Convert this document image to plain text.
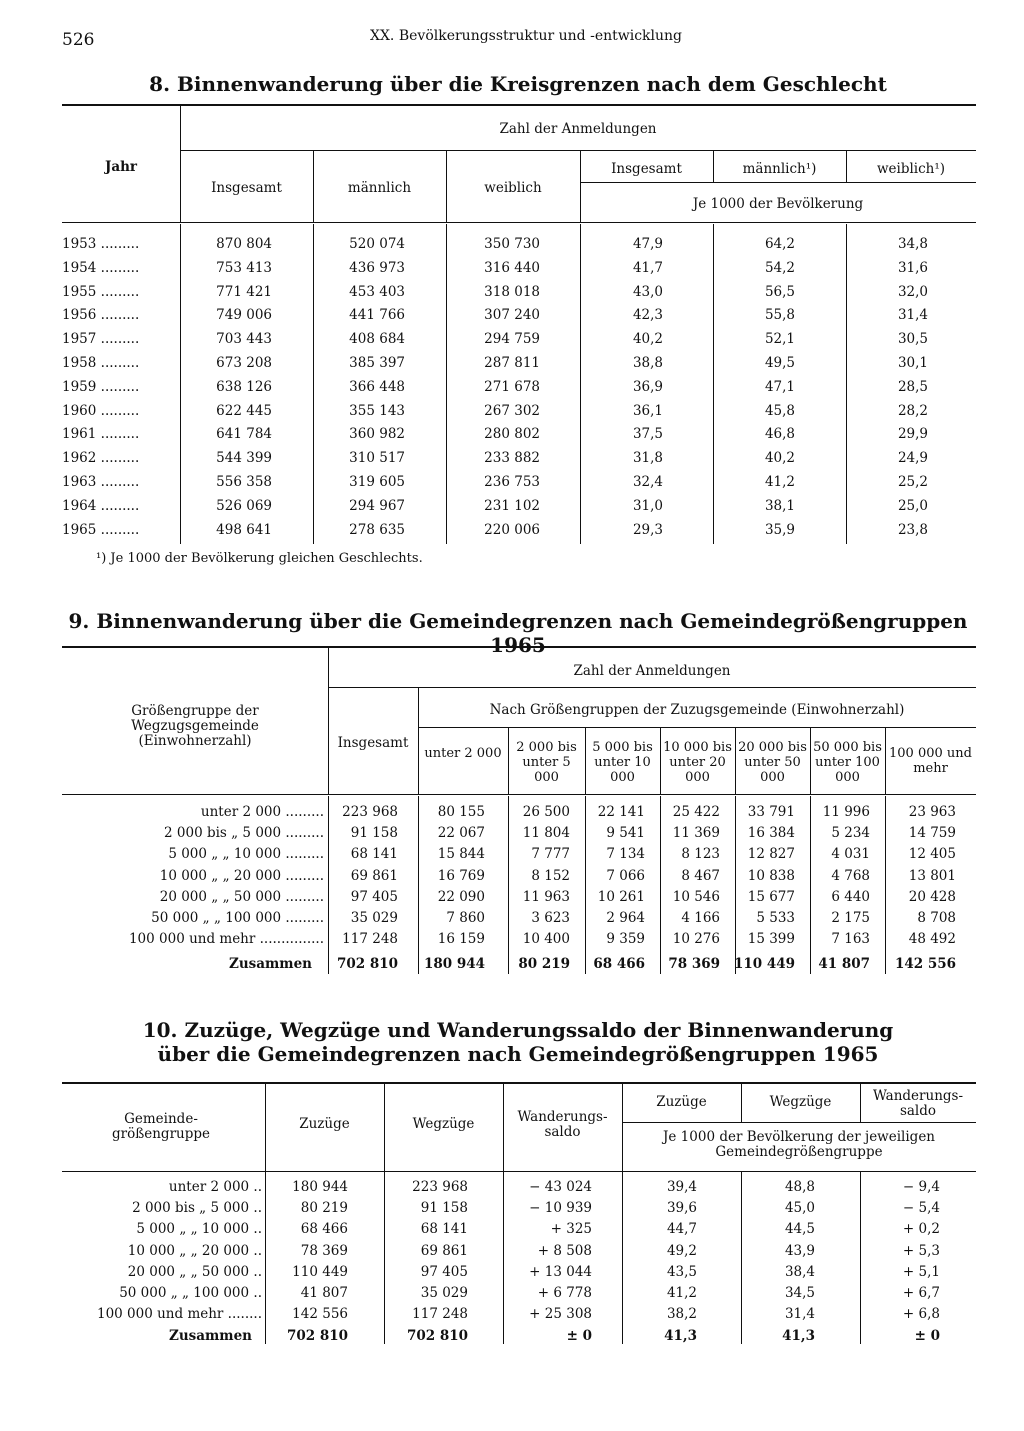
526	XX. Bevölkerungsstruktur und -entwicklung
8. Binnenwanderung über die Kreisgrenzen nach dem Geschlecht
Jahr
Zahl der Anmeldungen
Insgesamt	männlich	weiblich
Insgesamt	männlich¹)	weiblich¹)
Je 1000 der Bevölkerung
1953 .........	870 804	520 074	350 730	47,9	64,2	34,8
1954 .........	753 413	436 973	316 440	41,7	54,2	31,6
1955 .........	771 421	453 403	318 018	43,0	56,5	32,0
1956 .........	749 006	441 766	307 240	42,3	55,8	31,4
1957 .........	703 443	408 684	294 759	40,2	52,1	30,5
1958 .........	673 208	385 397	287 811	38,8	49,5	30,1
1959 .........	638 126	366 448	271 678	36,9	47,1	28,5
1960 .........	622 445	355 143	267 302	36,1	45,8	28,2
1961 .........	641 784	360 982	280 802	37,5	46,8	29,9
1962 .........	544 399	310 517	233 882	31,8	40,2	24,9
1963 .........	556 358	319 605	236 753	32,4	41,2	25,2
1964 .........	526 069	294 967	231 102	31,0	38,1	25,0
1965 .........	498 641	278 635	220 006	29,3	35,9	23,8
¹) Je 1000 der Bevölkerung gleichen Geschlechts.
9. Binnenwanderung über die Gemeindegrenzen nach Gemeindegrößengruppen 1965
Größengruppe der Wegzugsgemeinde (Einwohnerzahl)
Zahl der Anmeldungen
Insgesamt
Nach Größengruppen der Zuzugsgemeinde (Einwohnerzahl)
unter 2 000	2 000 bis unter 5 000
5 000 bis unter 10 000
10 000 bis unter 20 000
20 000 bis unter 50 000
50 000 bis unter 100 000
100 000 und mehr
unter 2 000 .........	223 968	80 155	26 500	22 141	25 422	33 791	11 996	23 963
2 000 bis „ 5 000 .........	91 158	22 067	11 804	9 541	11 369	16 384	5 234	14 759
5 000 „ „ 10 000 .........	68 141	15 844	7 777	7 134	8 123	12 827	4 031	12 405
10 000 „ „ 20 000 .........	69 861	16 769	8 152	7 066	8 467	10 838	4 768	13 801
20 000 „ „ 50 000 .........	97 405	22 090	11 963	10 261	10 546	15 677	6 440	20 428
50 000 „ „ 100 000 .........	35 029	7 860	3 623	2 964	4 166	5 533	2 175	8 708
100 000 und mehr ...............	117 248	16 159	10 400	9 359	10 276	15 399	7 163	48 492
Zusammen	702 810	180 944	80 219	68 466	78 369	110 449	41 807	142 556
10. Zuzüge, Wegzüge und Wanderungssaldo der Binnenwanderung
über die Gemeindegrenzen nach Gemeindegrößengruppen 1965
Gemeinde-größengruppe
Zuzüge	Wegzüge	Wanderungs-saldo
Zuzüge	Wegzüge	Wanderungs-saldo
Je 1000 der Bevölkerung der jeweiligen Gemeindegrößengruppe
unter 2 000 ..	180 944	223 968	− 43 024	39,4	48,8	− 9,4
2 000 bis „ 5 000 ..	80 219	91 158	− 10 939	39,6	45,0	− 5,4
5 000 „ „ 10 000 ..	68 466	68 141	+ 325	44,7	44,5	+ 0,2
10 000 „ „ 20 000 ..	78 369	69 861	+ 8 508	49,2	43,9	+ 5,3
20 000 „ „ 50 000 ..	110 449	97 405	+ 13 044	43,5	38,4	+ 5,1
50 000 „ „ 100 000 ..	41 807	35 029	+ 6 778	41,2	34,5	+ 6,7
100 000 und mehr ........	142 556	117 248	+ 25 308	38,2	31,4	+ 6,8
Zusammen	702 810	702 810	± 0	41,3	41,3	± 0
